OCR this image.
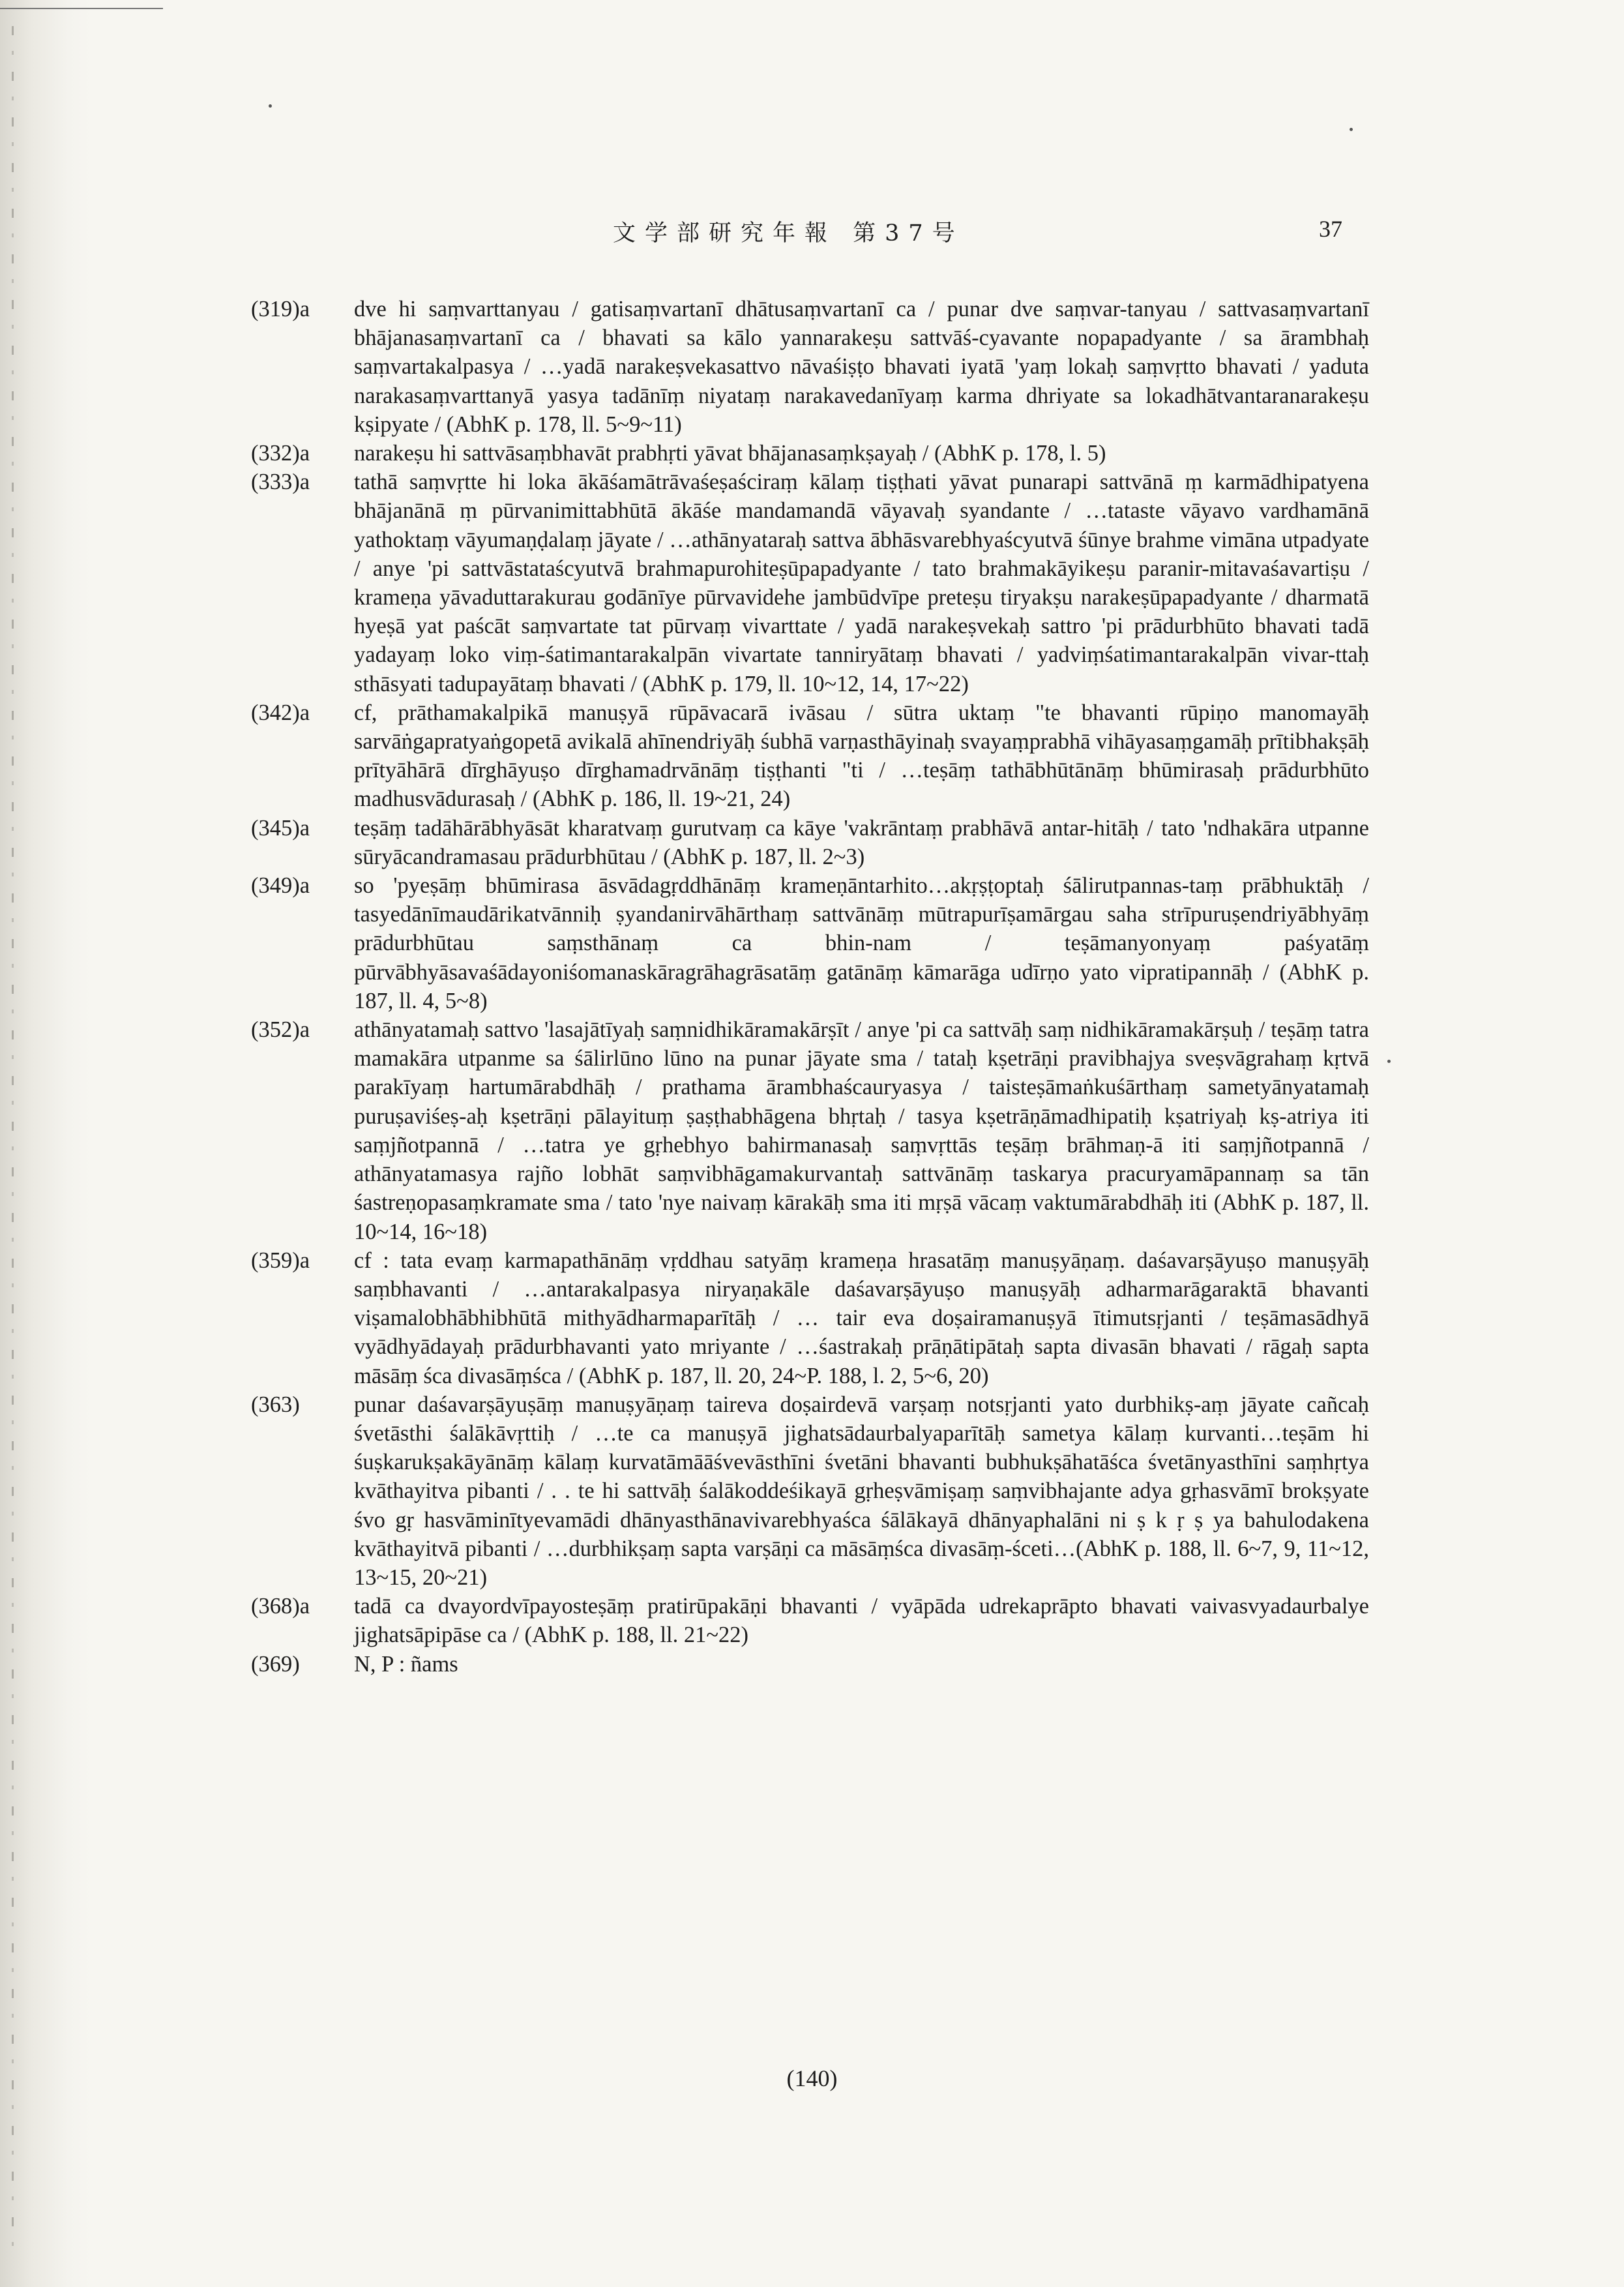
文学部研究年報 第37号	37

(319)a dve hi saṃvarttanyau / gatisaṃvartanī dhātusaṃvartanī ca / punar dve saṃvar-tanyau / sattvasaṃvartanī bhājanasaṃvartanī ca / bhavati sa kālo yannarakeṣu sattvāś-cyavante nopapadyante / sa ārambhaḥ saṃvartakalpasya / …yadā narakeṣvekasattvo nāvaśiṣṭo bhavati iyatā 'yaṃ lokaḥ saṃvṛtto bhavati / yaduta narakasaṃvarttanyā yasya tadānīṃ niyataṃ narakavedanīyaṃ karma dhriyate sa lokadhātvantaranarakeṣu kṣipyate / (AbhK p. 178, ll. 5~9~11)

(332)a narakeṣu hi sattvāsaṃbhavāt prabhṛti yāvat bhājanasaṃkṣayaḥ / (AbhK p. 178, l. 5)

(333)a tathā saṃvṛtte hi loka ākāśamātrāvaśeṣaściraṃ kālaṃ tiṣṭhati yāvat punarapi sattvānā ṃ karmādhipatyena bhājanānā ṃ pūrvanimittabhūtā ākāśe mandamandā vāyavaḥ syandante / …tataste vāyavo vardhamānā yathoktaṃ vāyumaṇḍalaṃ jāyate / …athānyataraḥ sattva ābhāsvarebhyaścyutvā śūnye brahme vimāna utpadyate / anye 'pi sattvāstataścyutvā brahmapurohiteṣūpapadyante / tato brahmakāyikeṣu paranir-mitavaśavartiṣu / krameṇa yāvaduttarakurau godānīye pūrvavidehe jambūdvīpe preteṣu tiryakṣu narakeṣūpapadyante / dharmatā hyeṣā yat paścāt saṃvartate tat pūrvaṃ vivarttate / yadā narakeṣvekaḥ sattro 'pi prādurbhūto bhavati tadā yadayaṃ loko viṃ-śatimantarakalpān vivartate tanniryātaṃ bhavati / yadviṃśatimantarakalpān vivar-ttaḥ sthāsyati tadupayātaṃ bhavati / (AbhK p. 179, ll. 10~12, 14, 17~22)

(342)a cf, prāthamakalpikā manuṣyā rūpāvacarā ivāsau / sūtra uktaṃ "te bhavanti rūpiṇo manomayāḥ sarvāṅgapratyaṅgopetā avikalā ahīnendriyāḥ śubhā varṇasthāyinaḥ svayaṃprabhā vihāyasaṃgamāḥ prītibhakṣāḥ prītyāhārā dīrghāyuṣo dīrghamadrvānāṃ tiṣṭhanti "ti / …teṣāṃ tathābhūtānāṃ bhūmirasaḥ prādurbhūto madhusvādurasaḥ / (AbhK p. 186, ll. 19~21, 24)

(345)a teṣāṃ tadāhārābhyāsāt kharatvaṃ gurutvaṃ ca kāye 'vakrāntaṃ prabhāvā antar-hitāḥ / tato 'ndhakāra utpanne sūryācandramasau prādurbhūtau / (AbhK p. 187, ll. 2~3)

(349)a so 'pyeṣāṃ bhūmirasa āsvādagṛddhānāṃ krameṇāntarhito…akṛṣṭoptaḥ śālirutpannas-taṃ prābhuktāḥ / tasyedānīmaudārikatvānniḥ ṣyandanirvāhārthaṃ sattvānāṃ mūtrapurīṣamārgau saha strīpuruṣendriyābhyāṃ prādurbhūtau saṃsthānaṃ ca bhin-nam / teṣāmanyonyaṃ paśyatāṃ pūrvābhyāsavaśādayoniśomanaskāragrāhagrāsatāṃ gatānāṃ kāmarāga udīrṇo yato vipratipannāḥ / (AbhK p. 187, ll. 4, 5~8)

(352)a athānyatamaḥ sattvo 'lasajātīyaḥ saṃnidhikāramakārṣīt / anye 'pi ca sattvāḥ saṃ nidhikāramakārṣuḥ / teṣāṃ tatra mamakāra utpanme sa śālirlūno lūno na punar jāyate sma / tataḥ kṣetrāṇi pravibhajya sveṣvāgrahaṃ kṛtvā parakīyaṃ hartumārabdhāḥ / prathama ārambhaścauryasya / taisteṣāmaṅkuśārthaṃ sametyānyatamaḥ puruṣaviśeṣ-aḥ kṣetrāṇi pālayituṃ ṣaṣṭhabhāgena bhṛtaḥ / tasya kṣetrāṇāmadhipatiḥ kṣatriyaḥ kṣ-atriya iti saṃjñotpannā / …tatra ye gṛhebhyo bahirmanasaḥ saṃvṛttās teṣāṃ brāhmaṇ-ā iti saṃjñotpannā / athānyatamasya rajño lobhāt saṃvibhāgamakurvantaḥ sattvānāṃ taskarya pracuryamāpannaṃ sa tān śastreṇopasaṃkramate sma / tato 'nye naivaṃ kārakāḥ sma iti mṛṣā vācaṃ vaktumārabdhāḥ iti (AbhK p. 187, ll. 10~14, 16~18)

(359)a cf : tata evaṃ karmapathānāṃ vṛddhau satyāṃ krameṇa hrasatāṃ manuṣyāṇaṃ. daśavarṣāyuṣo manuṣyāḥ saṃbhavanti / …antarakalpasya niryaṇakāle daśavarṣāyuṣo manuṣyāḥ adharmarāgaraktā bhavanti viṣamalobhābhibhūtā mithyādharmaparītāḥ / … tair eva doṣairamanuṣyā ītimutsṛjanti / teṣāmasādhyā vyādhyādayaḥ prādurbhavanti yato mriyante / …śastrakaḥ prāṇātipātaḥ sapta divasān bhavati / rāgaḥ sapta māsāṃ śca divasāṃśca / (AbhK p. 187, ll. 20, 24~P. 188, l. 2, 5~6, 20)

(363) punar daśavarṣāyuṣāṃ manuṣyāṇaṃ taireva doṣairdevā varṣaṃ notsṛjanti yato durbhikṣ-aṃ jāyate cañcaḥ śvetāsthi śalākāvṛttiḥ / …te ca manuṣyā jighatsādaurbalyaparītāḥ sametya kālaṃ kurvanti…teṣām hi śuṣkarukṣakāyānāṃ kālaṃ kurvatāmāāśvevāsthīni śvetāni bhavanti bubhukṣāhatāśca śvetānyasthīni saṃhṛtya kvāthayitva pibanti / . . te hi sattvāḥ śalākoddeśikayā gṛheṣvāmiṣaṃ saṃvibhajante adya gṛhasvāmī brokṣyate śvo gṛ hasvāminītyevamādi dhānyasthānavivarebhyaśca śālākayā dhānyaphalāni ni ṣ k ṛ ṣ ya bahulodakena kvāthayitvā pibanti / …durbhikṣaṃ sapta varṣāṇi ca māsāṃśca divasāṃ-śceti…(AbhK p. 188, ll. 6~7, 9, 11~12, 13~15, 20~21)

(368)a tadā ca dvayordvīpayosteṣāṃ pratirūpakāṇi bhavanti / vyāpāda udrekaprāpto bhavati vaivasvyadaurbalye jighatsāpipāse ca / (AbhK p. 188, ll. 21~22)

(369) N, P : ñams

(140)
